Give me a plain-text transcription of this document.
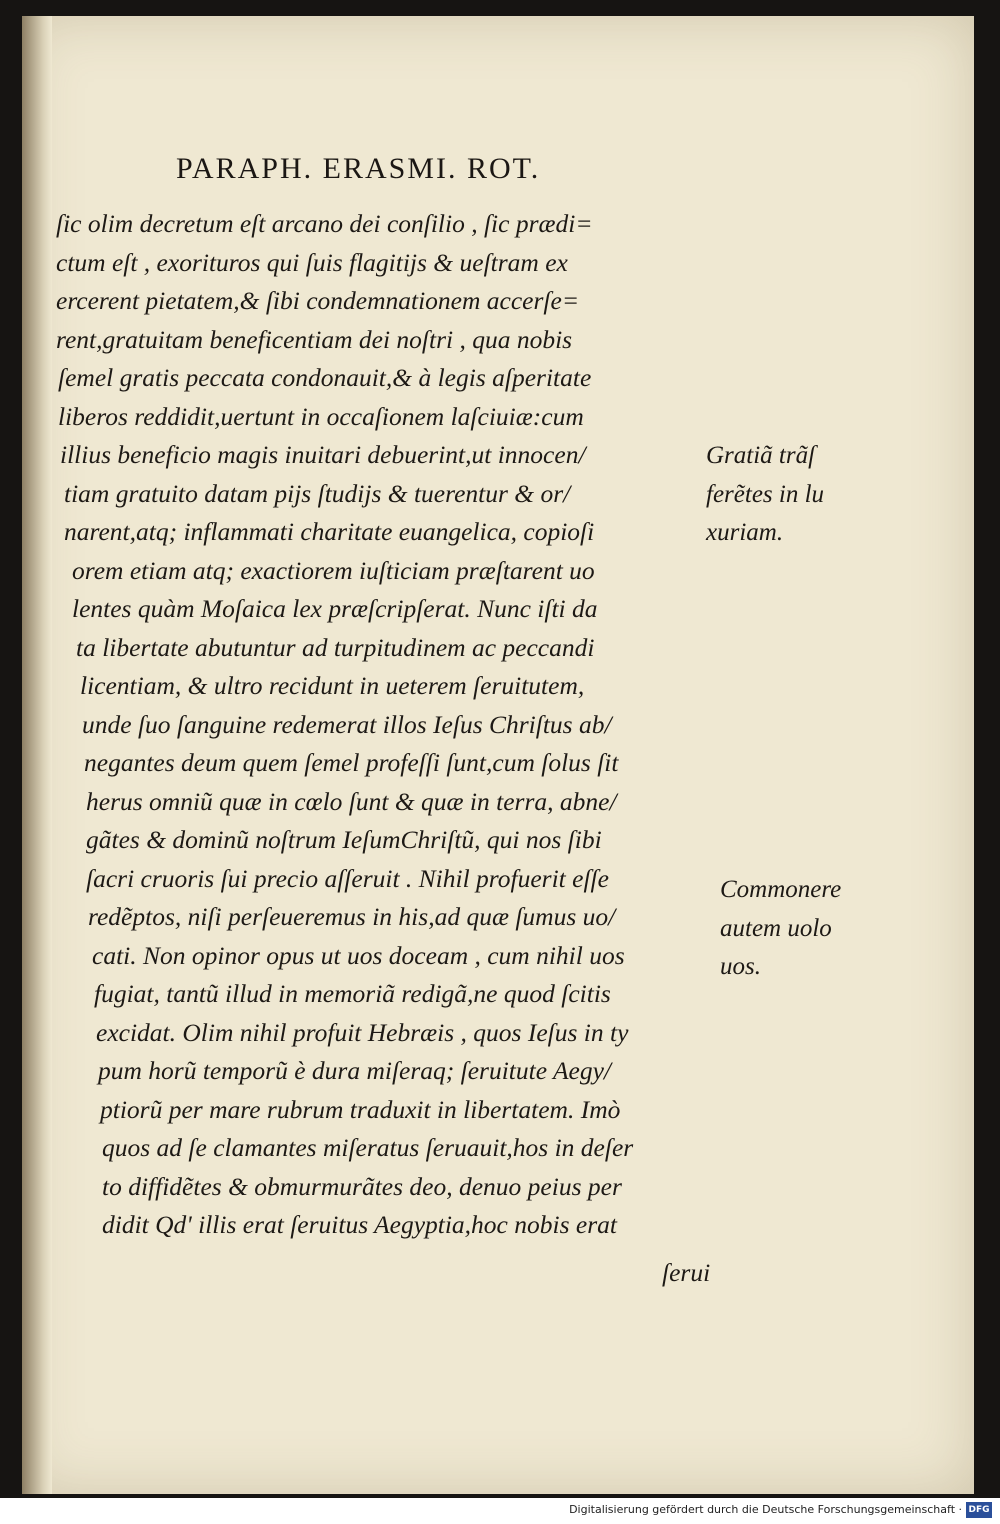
PARAPH. ERASMI. ROT.
ſic olim decretum eſt arcano dei conſilio , ſic prædi=
ctum eſt , exorituros qui ſuis flagitijs & ueſtram ex
ercerent pietatem,& ſibi condemnationem accerſe=
rent,gratuitam beneficentiam dei noſtri , qua nobis
ſemel gratis peccata condonauit,& à legis aſperitate
liberos reddidit,uertunt in occaſionem laſciuiæ:cum
illius beneficio magis inuitari debuerint,ut innocen/
tiam gratuito datam pijs ſtudijs & tuerentur & or/
narent,atq; inflammati charitate euangelica, copioſi
orem etiam atq; exactiorem iuſticiam præſtarent uo
lentes quàm Moſaica lex præſcripſerat. Nunc iſti da
ta libertate abutuntur ad turpitudinem ac peccandi
licentiam, & ultro recidunt in ueterem ſeruitutem,
unde ſuo ſanguine redemerat illos Ieſus Chriſtus ab/
negantes deum quem ſemel profeſſi ſunt,cum ſolus ſit
herus omniũ quæ in cœlo ſunt & quæ in terra, abne/
gãtes & dominũ noſtrum IeſumChriſtũ, qui nos ſibi
ſacri cruoris ſui precio aſſeruit . Nihil profuerit eſſe
redẽptos, niſi perſeueremus in his,ad quæ ſumus uo/
cati. Non opinor opus ut uos doceam , cum nihil uos
fugiat, tantũ illud in memoriã redigã,ne quod ſcitis
excidat. Olim nihil profuit Hebræis , quos Ieſus in ty
pum horũ temporũ è dura miſeraq; ſeruitute Aegy/
ptiorũ per mare rubrum traduxit in libertatem. Imò
quos ad ſe clamantes miſeratus ſeruauit,hos in deſer
to diffidẽtes & obmurmurãtes deo, denuo peius per
didit Qd' illis erat ſeruitus Aegyptia,hoc nobis erat
Gratiã trãſ
ferẽtes in lu
xuriam.
Commonere
autem uolo
uos.
ſerui
Digitalisierung gefördert durch die Deutsche Forschungsgemeinschaft · DFG
